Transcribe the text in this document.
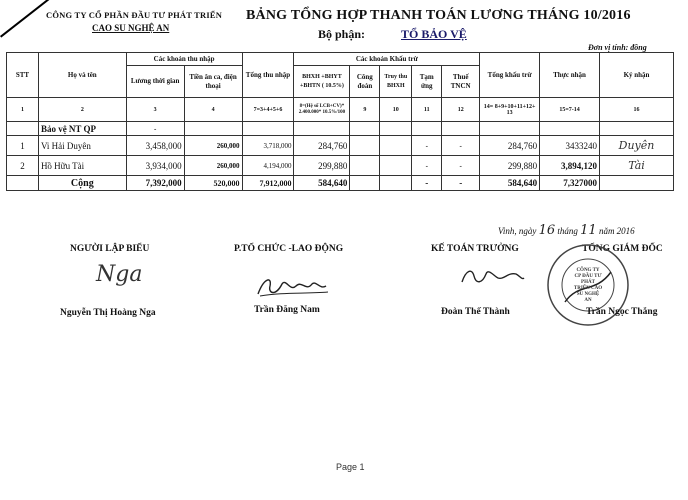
CÔNG TY CỔ PHẦN ĐẦU TƯ PHÁT TRIỂN
CAO SU NGHỆ AN
BẢNG TỔNG HỢP THANH TOÁN LƯƠNG THÁNG 10/2016
Bộ phận:	TỔ BẢO VỆ
Đơn vị tính: đồng
STT	Họ và tên	Các khoản thu nhập		Tổng thu nhập	Các khoản Khấu trừ					Tổng khấu trừ	Thực nhận	Ký nhận
		Lương thời gian	Tiền ăn ca, điện thoại		BHXH +BHYT +BHTN ( 10.5%)	Công đoàn	Truy thu BHXH	Tạm ứng	Thuế TNCN			
1	2	3	4	7=3+4+5+6	8=(Hệ số LCB+CV)* 2.400.000* 10.5%/100	9	10	11	12	14= 8+9+10+11+12+ 13	15=7-14	16
	Bảo vệ NT QP	-										
1	Vi Hải Duyên	3,458,000	260,000	3,718,000	284,760			-	-	284,760	3433240	Duyên
2	Hồ Hữu Tài	3,934,000	260,000	4,194,000	299,880			-	-	299,880	3,894,120	Tài
	Cộng	7,392,000	520,000	7,912,000	584,640			-	-	584,640	7,327000	
Vinh, ngày 16 tháng 11 năm 2016
NGƯỜI LẬP BIỂU	P.TỔ CHỨC -LAO ĐỘNG	KẾ TOÁN TRƯỞNG	TỔNG GIÁM ĐỐC
Nga	CÔNG TY CP ĐẦU TƯ PHÁT TRIỂN CAO SU NGHỆ AN
Nguyễn Thị Hoàng Nga	Trần Đăng Nam	Đoàn Thế Thành	Trần Ngọc Thắng
Page 1
